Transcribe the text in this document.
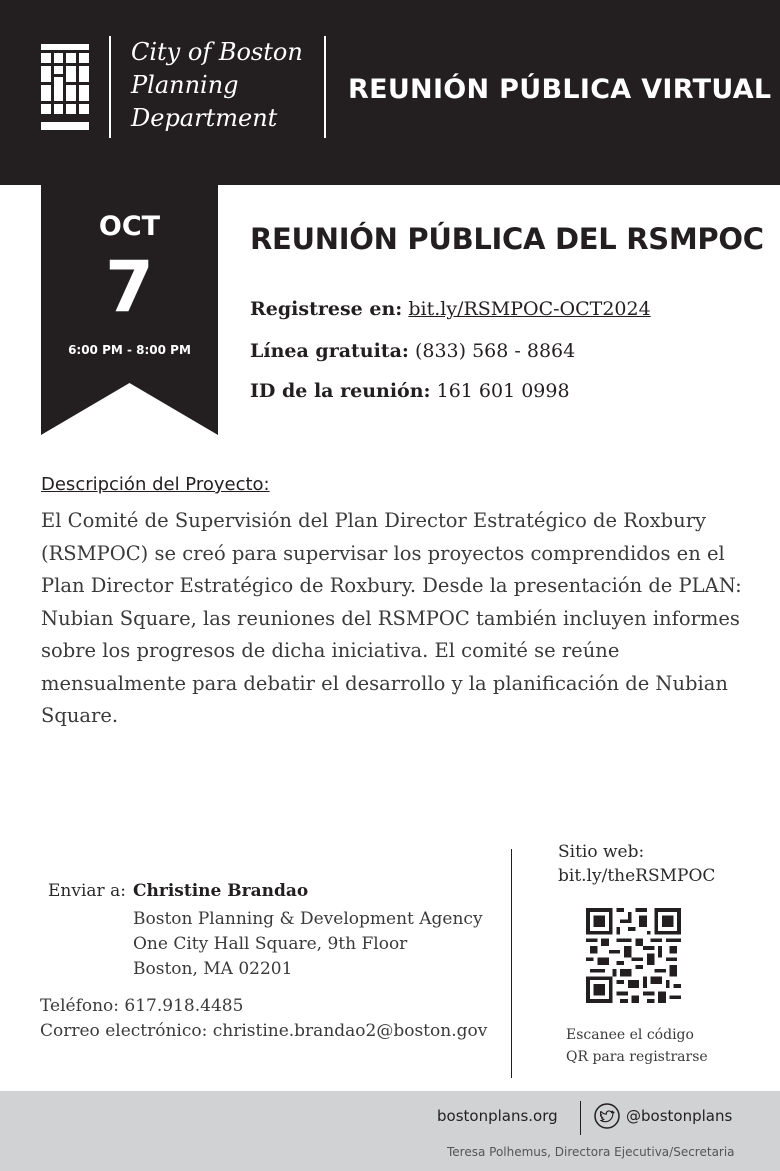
City of Boston
Planning
Department
REUNIÓN PÚBLICA VIRTUAL
OCT
7
6:00 PM - 8:00 PM
REUNIÓN PÚBLICA DEL RSMPOC
Registrese en: bit.ly/RSMPOC-OCT2024
Línea gratuita: (833) 568 - 8864
ID de la reunión: 161 601 0998
Descripción del Proyecto:
El Comité de Supervisión del Plan Director Estratégico de Roxbury (RSMPOC) se creó para supervisar los proyectos comprendidos en el Plan Director Estratégico de Roxbury. Desde la presentación de PLAN: Nubian Square, las reuniones del RSMPOC también incluyen informes sobre los progresos de dicha iniciativa. El comité se reúne mensualmente para debatir el desarrollo y la planificación de Nubian Square.
Enviar a: Christine Brandao
Boston Planning & Development Agency
One City Hall Square, 9th Floor
Boston, MA 02201
Teléfono: 617.918.4485
Correo electrónico: christine.brandao2@boston.gov
Sitio web:
bit.ly/theRSMPOC
Escanee el código
QR para registrarse
bostonplans.org	@bostonplans
Teresa Polhemus, Directora Ejecutiva/Secretaria
